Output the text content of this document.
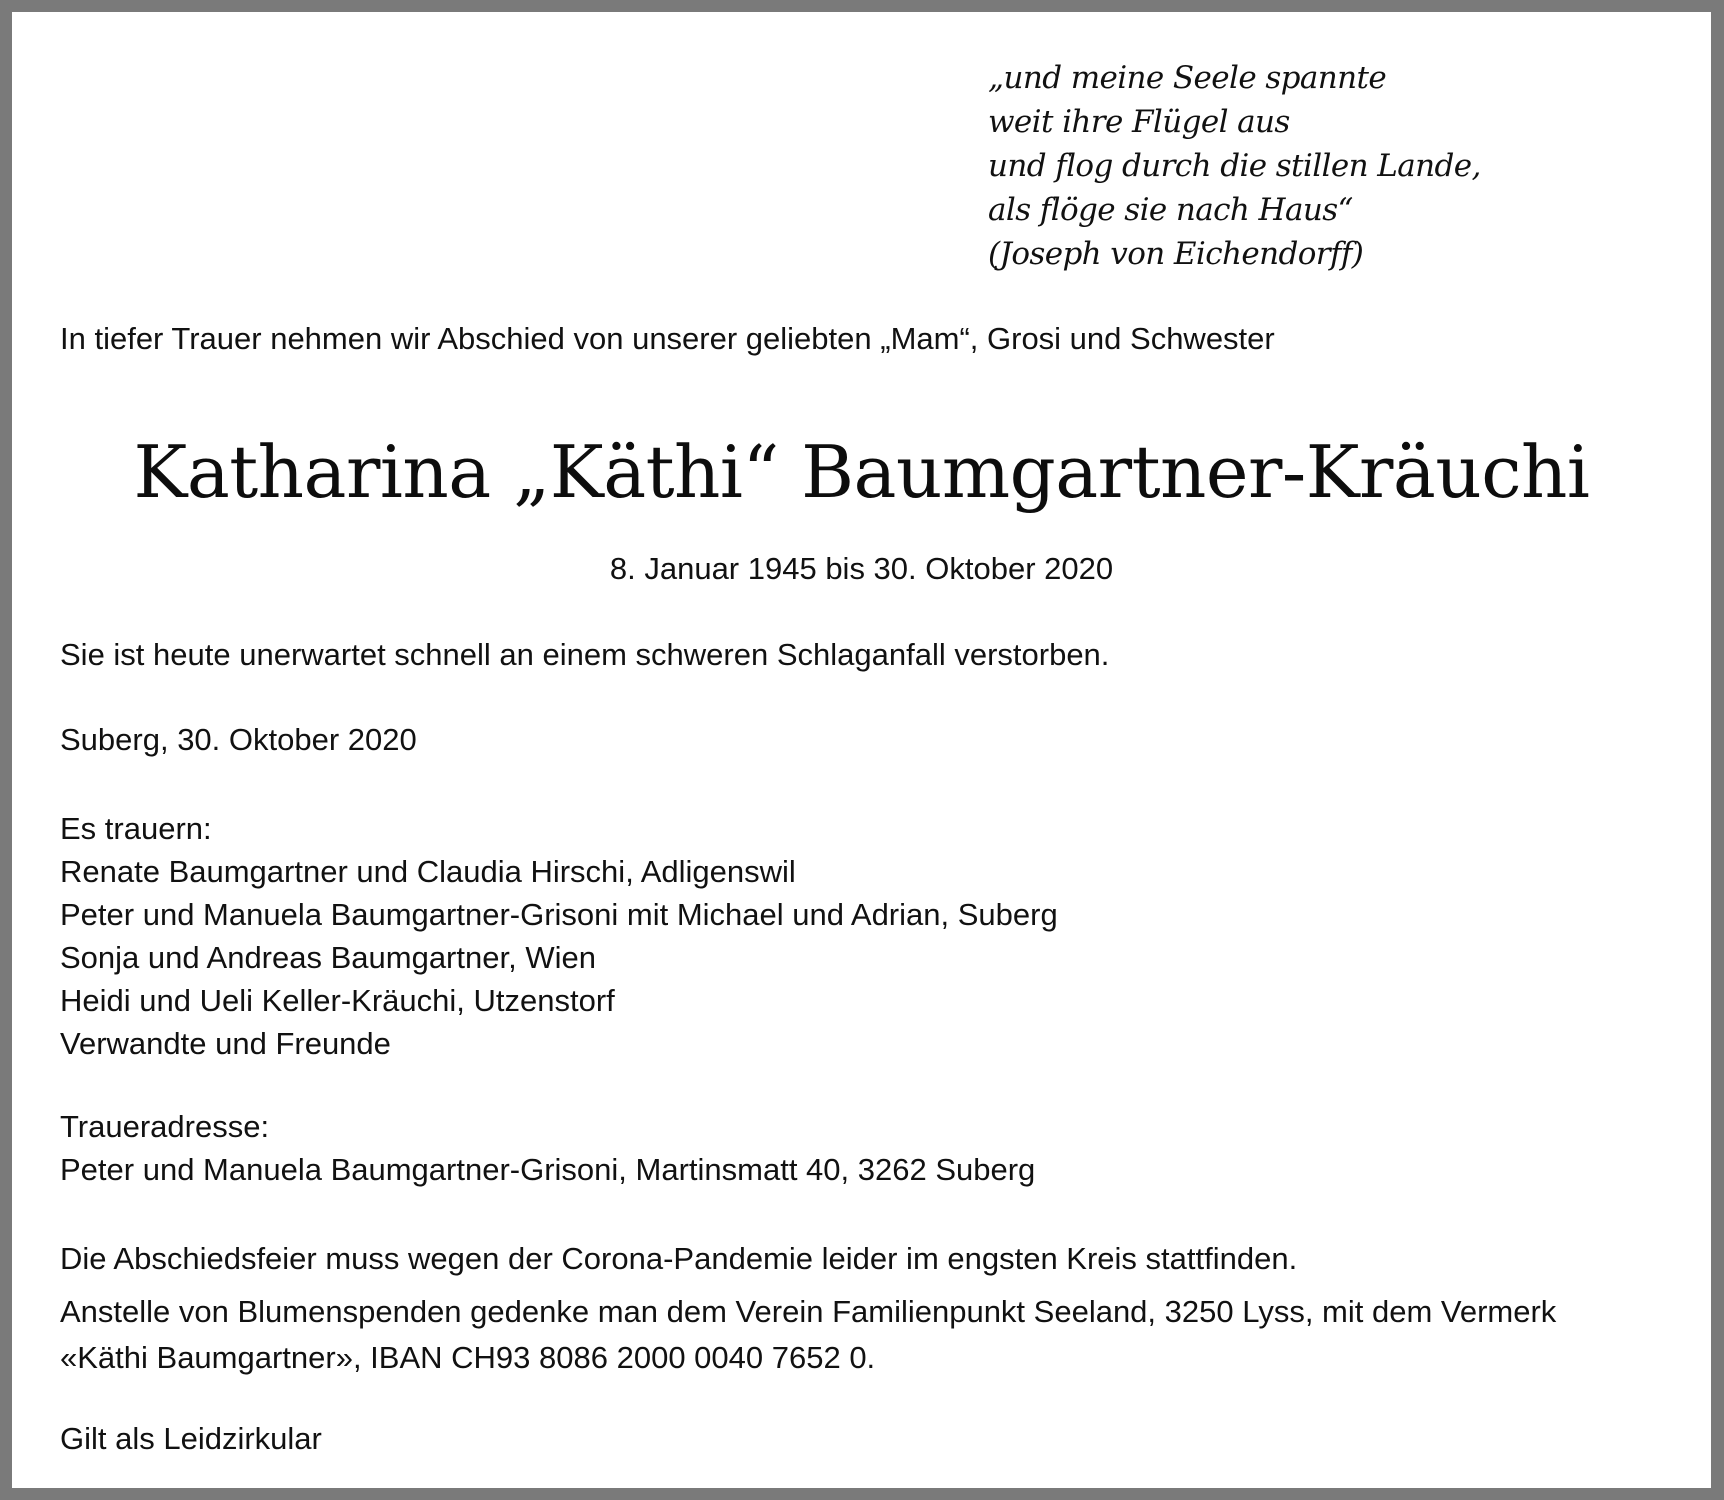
„und meine Seele spannte
weit ihre Flügel aus
und flog durch die stillen Lande,
als flöge sie nach Haus“
(Joseph von Eichendorff)
In tiefer Trauer nehmen wir Abschied von unserer geliebten „Mam“, Grosi und Schwester
Katharina „Käthi“ Baumgartner-Kräuchi
8. Januar 1945 bis 30. Oktober 2020
Sie ist heute unerwartet schnell an einem schweren Schlaganfall verstorben.
Suberg, 30. Oktober 2020
Es trauern:
Renate Baumgartner und Claudia Hirschi, Adligenswil
Peter und Manuela Baumgartner-Grisoni mit Michael und Adrian, Suberg
Sonja und Andreas Baumgartner, Wien
Heidi und Ueli Keller-Kräuchi, Utzenstorf
Verwandte und Freunde
Traueradresse:
Peter und Manuela Baumgartner-Grisoni, Martinsmatt 40, 3262 Suberg
Die Abschiedsfeier muss wegen der Corona-Pandemie leider im engsten Kreis stattfinden.
Anstelle von Blumenspenden gedenke man dem Verein Familienpunkt Seeland, 3250 Lyss, mit dem Vermerk
«Käthi Baumgartner», IBAN CH93 8086 2000 0040 7652 0.
Gilt als Leidzirkular
